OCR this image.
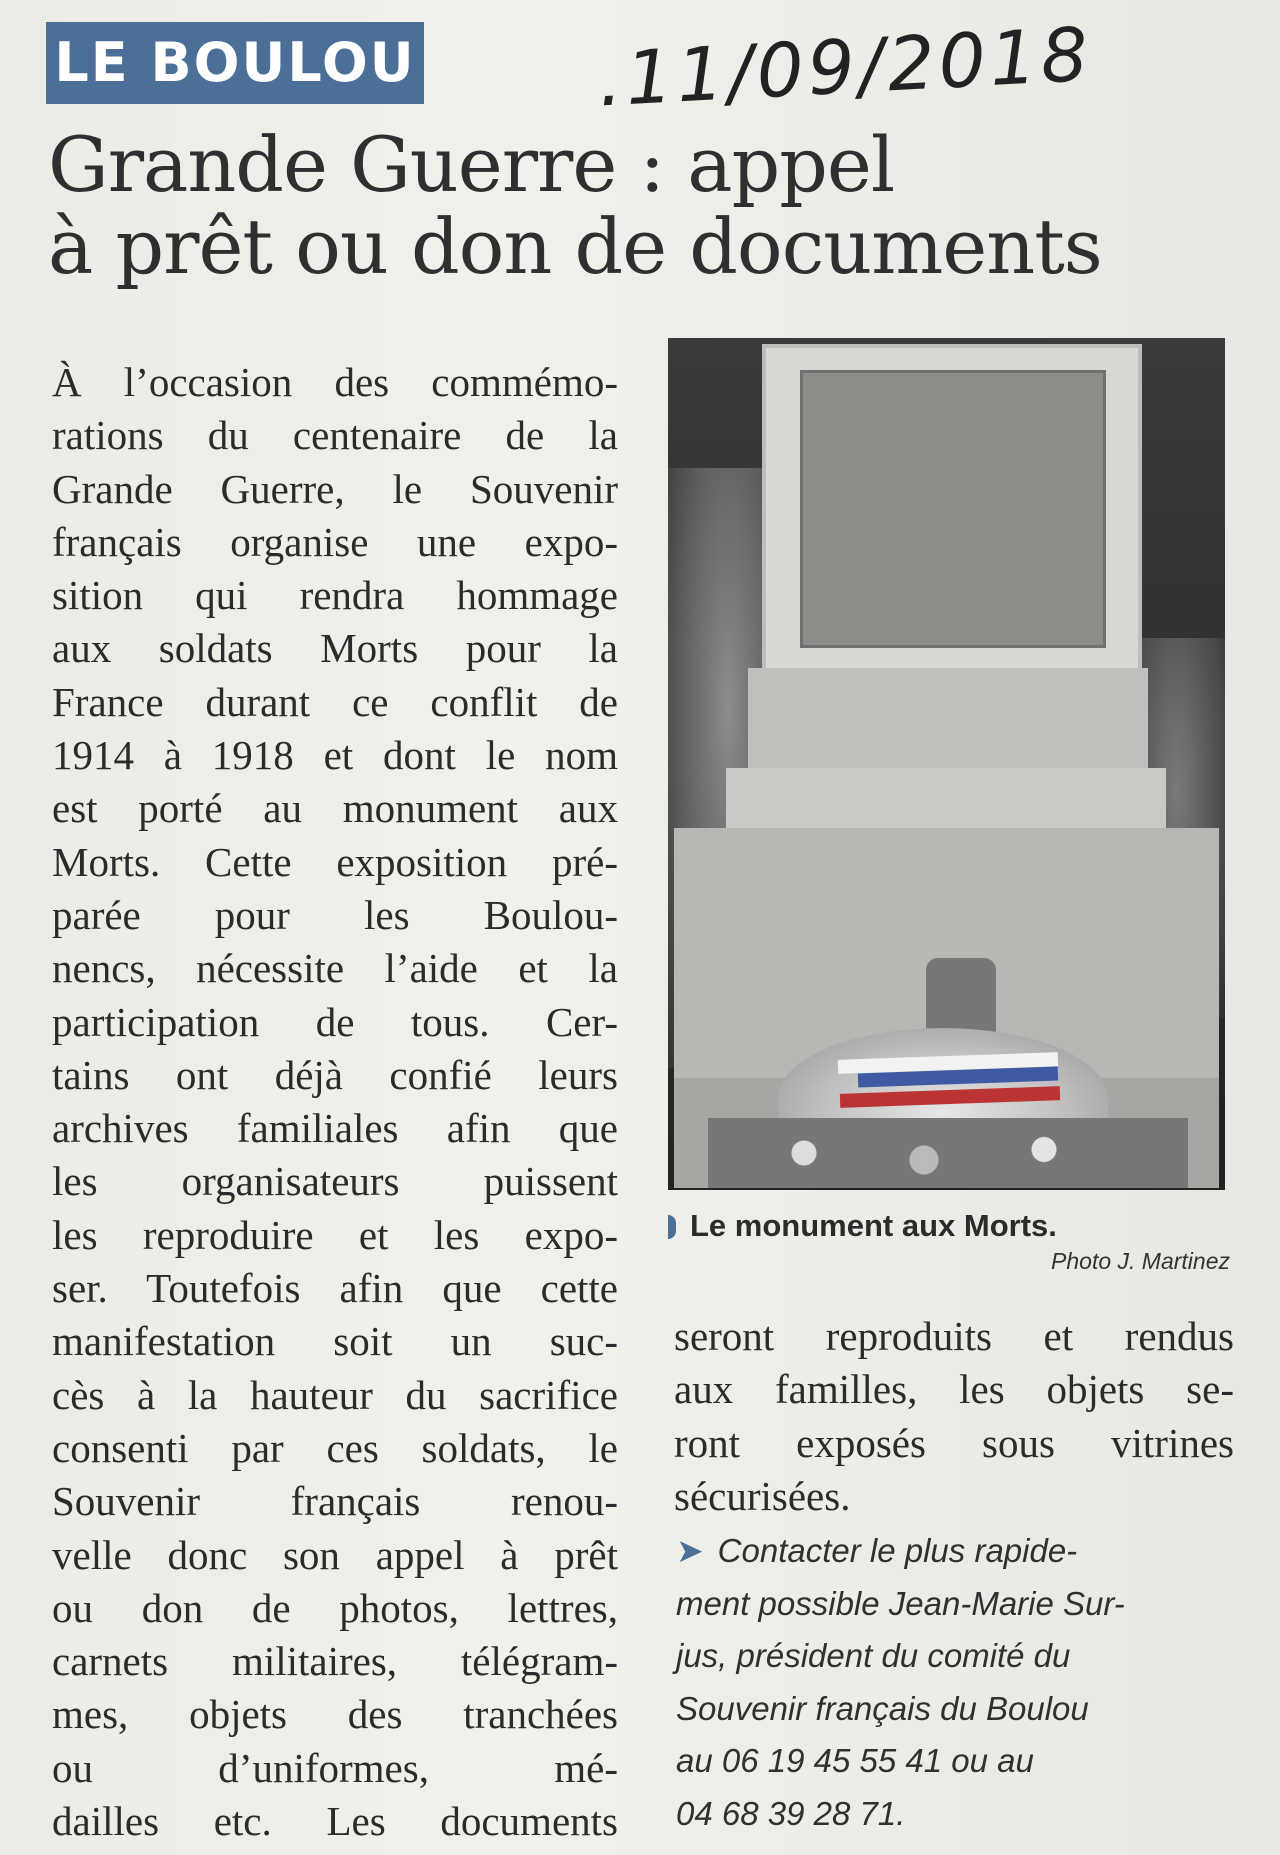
LE BOULOU .11/09/2018
Grande Guerre : appel
à prêt ou don de documents
À l’occasion des commémo-
rations du centenaire de la
Grande Guerre, le Souvenir
français organise une expo-
sition qui rendra hommage
aux soldats Morts pour la
France durant ce conflit de
1914 à 1918 et dont le nom
est porté au monument aux
Morts. Cette exposition pré-
parée pour les Boulou-
nencs, nécessite l’aide et la
participation de tous. Cer-
tains ont déjà confié leurs
archives familiales afin que
les organisateurs puissent
les reproduire et les expo-
ser. Toutefois afin que cette
manifestation soit un suc-
cès à la hauteur du sacrifice
consenti par ces soldats, le
Souvenir français renou-
velle donc son appel à prêt
ou don de photos, lettres,
carnets militaires, télégram-
mes, objets des tranchées
ou d’uniformes, mé-
dailles etc. Les documents
Le monument aux Morts.
Photo J. Martinez
seront reproduits et rendus
aux familles, les objets se-
ront exposés sous vitrines
sécurisées.
➤ Contacter le plus rapide-
ment possible Jean-Marie Sur-
jus, président du comité du
Souvenir français du Boulou
au 06 19 45 55 41 ou au
04 68 39 28 71.
